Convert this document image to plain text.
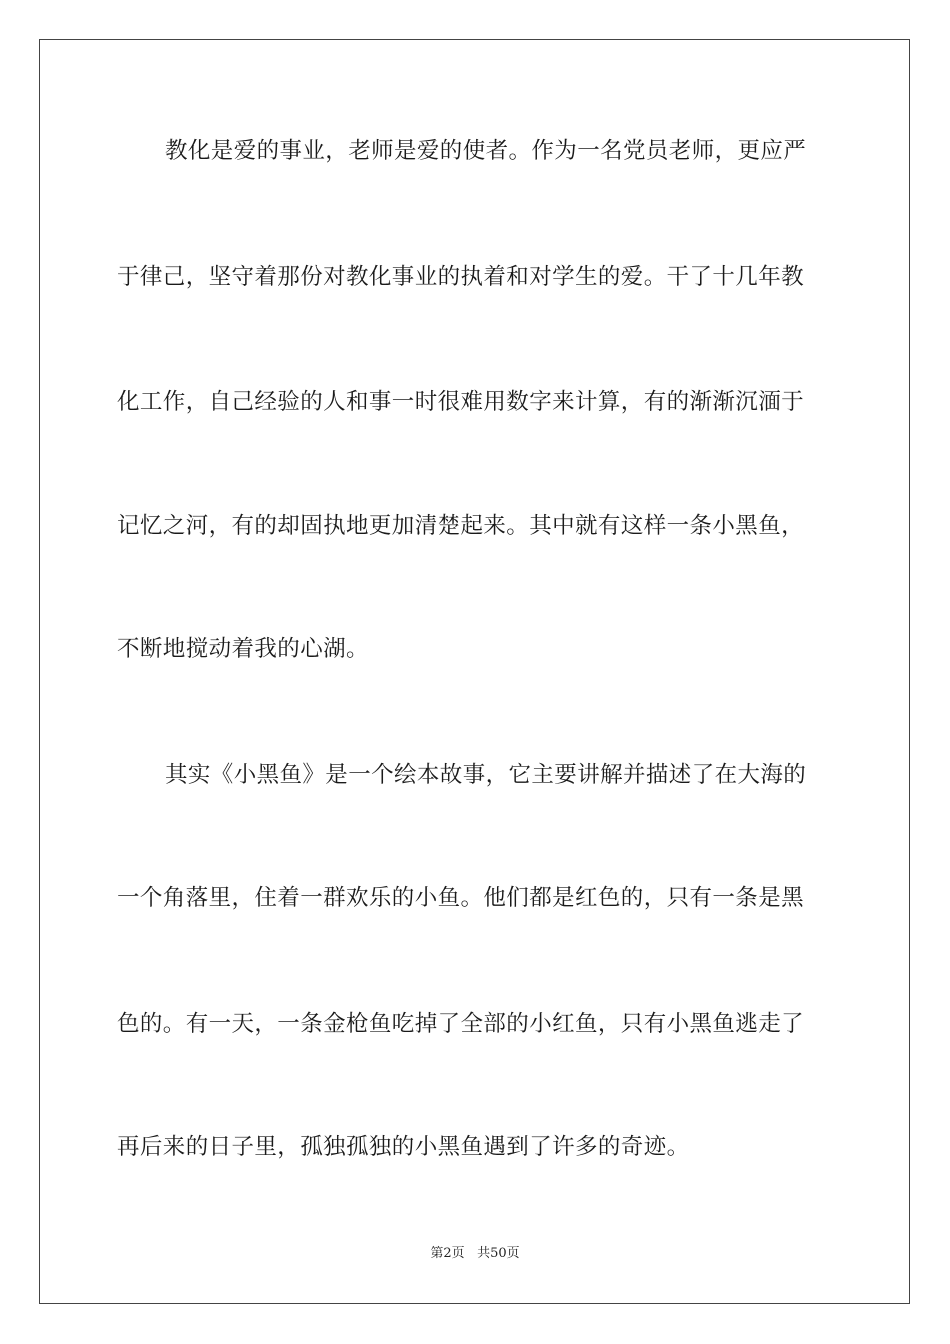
教化是爱的事业，老师是爱的使者。作为一名党员老师，更应严
于律己，坚守着那份对教化事业的执着和对学生的爱。干了十几年教
化工作，自己经验的人和事一时很难用数字来计算，有的渐渐沉湎于
记忆之河，有的却固执地更加清楚起来。其中就有这样一条小黑鱼，
不断地搅动着我的心湖。
其实《小黑鱼》是一个绘本故事，它主要讲解并描述了在大海的
一个角落里，住着一群欢乐的小鱼。他们都是红色的，只有一条是黑
色的。有一天，一条金枪鱼吃掉了全部的小红鱼，只有小黑鱼逃走了
再后来的日子里，孤独孤独的小黑鱼遇到了许多的奇迹。
第2页 共50页
